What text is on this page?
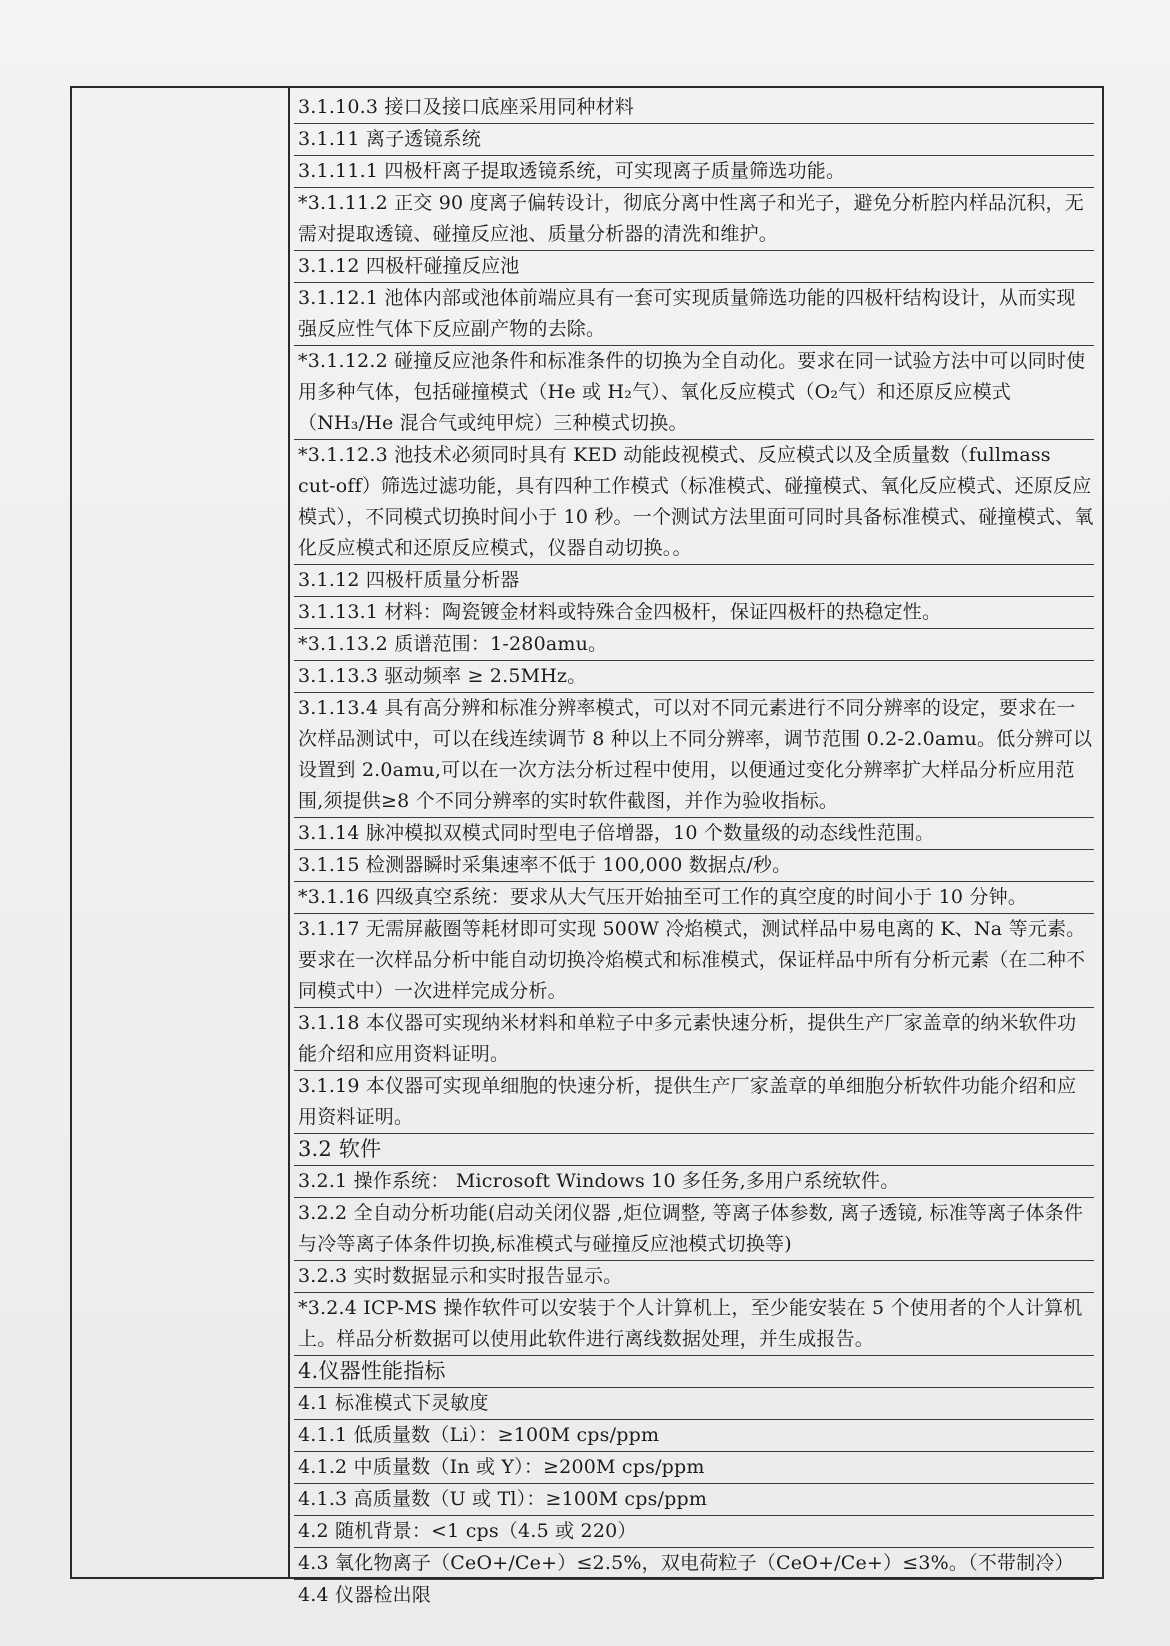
3.1.10.3 接口及接口底座采用同种材料

3.1.11 离子透镜系统

3.1.11.1 四极杆离子提取透镜系统，可实现离子质量筛选功能。

*3.1.11.2 正交 90 度离子偏转设计，彻底分离中性离子和光子，避免分析腔内样品沉积，无需对提取透镜、碰撞反应池、质量分析器的清洗和维护。

3.1.12 四极杆碰撞反应池

3.1.12.1 池体内部或池体前端应具有一套可实现质量筛选功能的四极杆结构设计，从而实现强反应性气体下反应副产物的去除。

*3.1.12.2 碰撞反应池条件和标准条件的切换为全自动化。要求在同一试验方法中可以同时使用多种气体，包括碰撞模式（He 或 H₂气）、氧化反应模式（O₂气）和还原反应模式（NH₃/He 混合气或纯甲烷）三种模式切换。

*3.1.12.3 池技术必须同时具有 KED 动能歧视模式、反应模式以及全质量数（fullmass cut-off）筛选过滤功能，具有四种工作模式（标准模式、碰撞模式、氧化反应模式、还原反应模式），不同模式切换时间小于 10 秒。一个测试方法里面可同时具备标准模式、碰撞模式、氧化反应模式和还原反应模式，仪器自动切换。。

3.1.12 四极杆质量分析器

3.1.13.1 材料：陶瓷镀金材料或特殊合金四极杆，保证四极杆的热稳定性。

*3.1.13.2 质谱范围：1-280amu。

3.1.13.3 驱动频率 ≥ 2.5MHz。

3.1.13.4 具有高分辨和标准分辨率模式，可以对不同元素进行不同分辨率的设定，要求在一次样品测试中，可以在线连续调节 8 种以上不同分辨率，调节范围 0.2-2.0amu。低分辨可以设置到 2.0amu,可以在一次方法分析过程中使用，以便通过变化分辨率扩大样品分析应用范围,须提供≥8 个不同分辨率的实时软件截图，并作为验收指标。

3.1.14 脉冲模拟双模式同时型电子倍增器，10 个数量级的动态线性范围。

3.1.15 检测器瞬时采集速率不低于 100,000 数据点/秒。

*3.1.16 四级真空系统：要求从大气压开始抽至可工作的真空度的时间小于 10 分钟。

3.1.17 无需屏蔽圈等耗材即可实现 500W 冷焰模式，测试样品中易电离的 K、Na 等元素。要求在一次样品分析中能自动切换冷焰模式和标准模式，保证样品中所有分析元素（在二种不同模式中）一次进样完成分析。

3.1.18 本仪器可实现纳米材料和单粒子中多元素快速分析，提供生产厂家盖章的纳米软件功能介绍和应用资料证明。

3.1.19 本仪器可实现单细胞的快速分析，提供生产厂家盖章的单细胞分析软件功能介绍和应用资料证明。

3.2 软件

3.2.1 操作系统： Microsoft Windows 10 多任务,多用户系统软件。

3.2.2 全自动分析功能(启动关闭仪器 ,炬位调整, 等离子体参数, 离子透镜, 标准等离子体条件与冷等离子体条件切换,标准模式与碰撞反应池模式切换等)

3.2.3 实时数据显示和实时报告显示。

*3.2.4 ICP-MS 操作软件可以安装于个人计算机上，至少能安装在 5 个使用者的个人计算机上。样品分析数据可以使用此软件进行离线数据处理，并生成报告。

4.仪器性能指标

4.1 标准模式下灵敏度

4.1.1 低质量数（Li）：≥100M cps/ppm

4.1.2 中质量数（In 或 Y）：≥200M cps/ppm

4.1.3 高质量数（U 或 Tl）：≥100M cps/ppm

4.2 随机背景：<1 cps（4.5 或 220）

4.3 氧化物离子（CeO+/Ce+）≤2.5%，双电荷粒子（CeO+/Ce+）≤3%。（不带制冷）

4.4 仪器检出限
